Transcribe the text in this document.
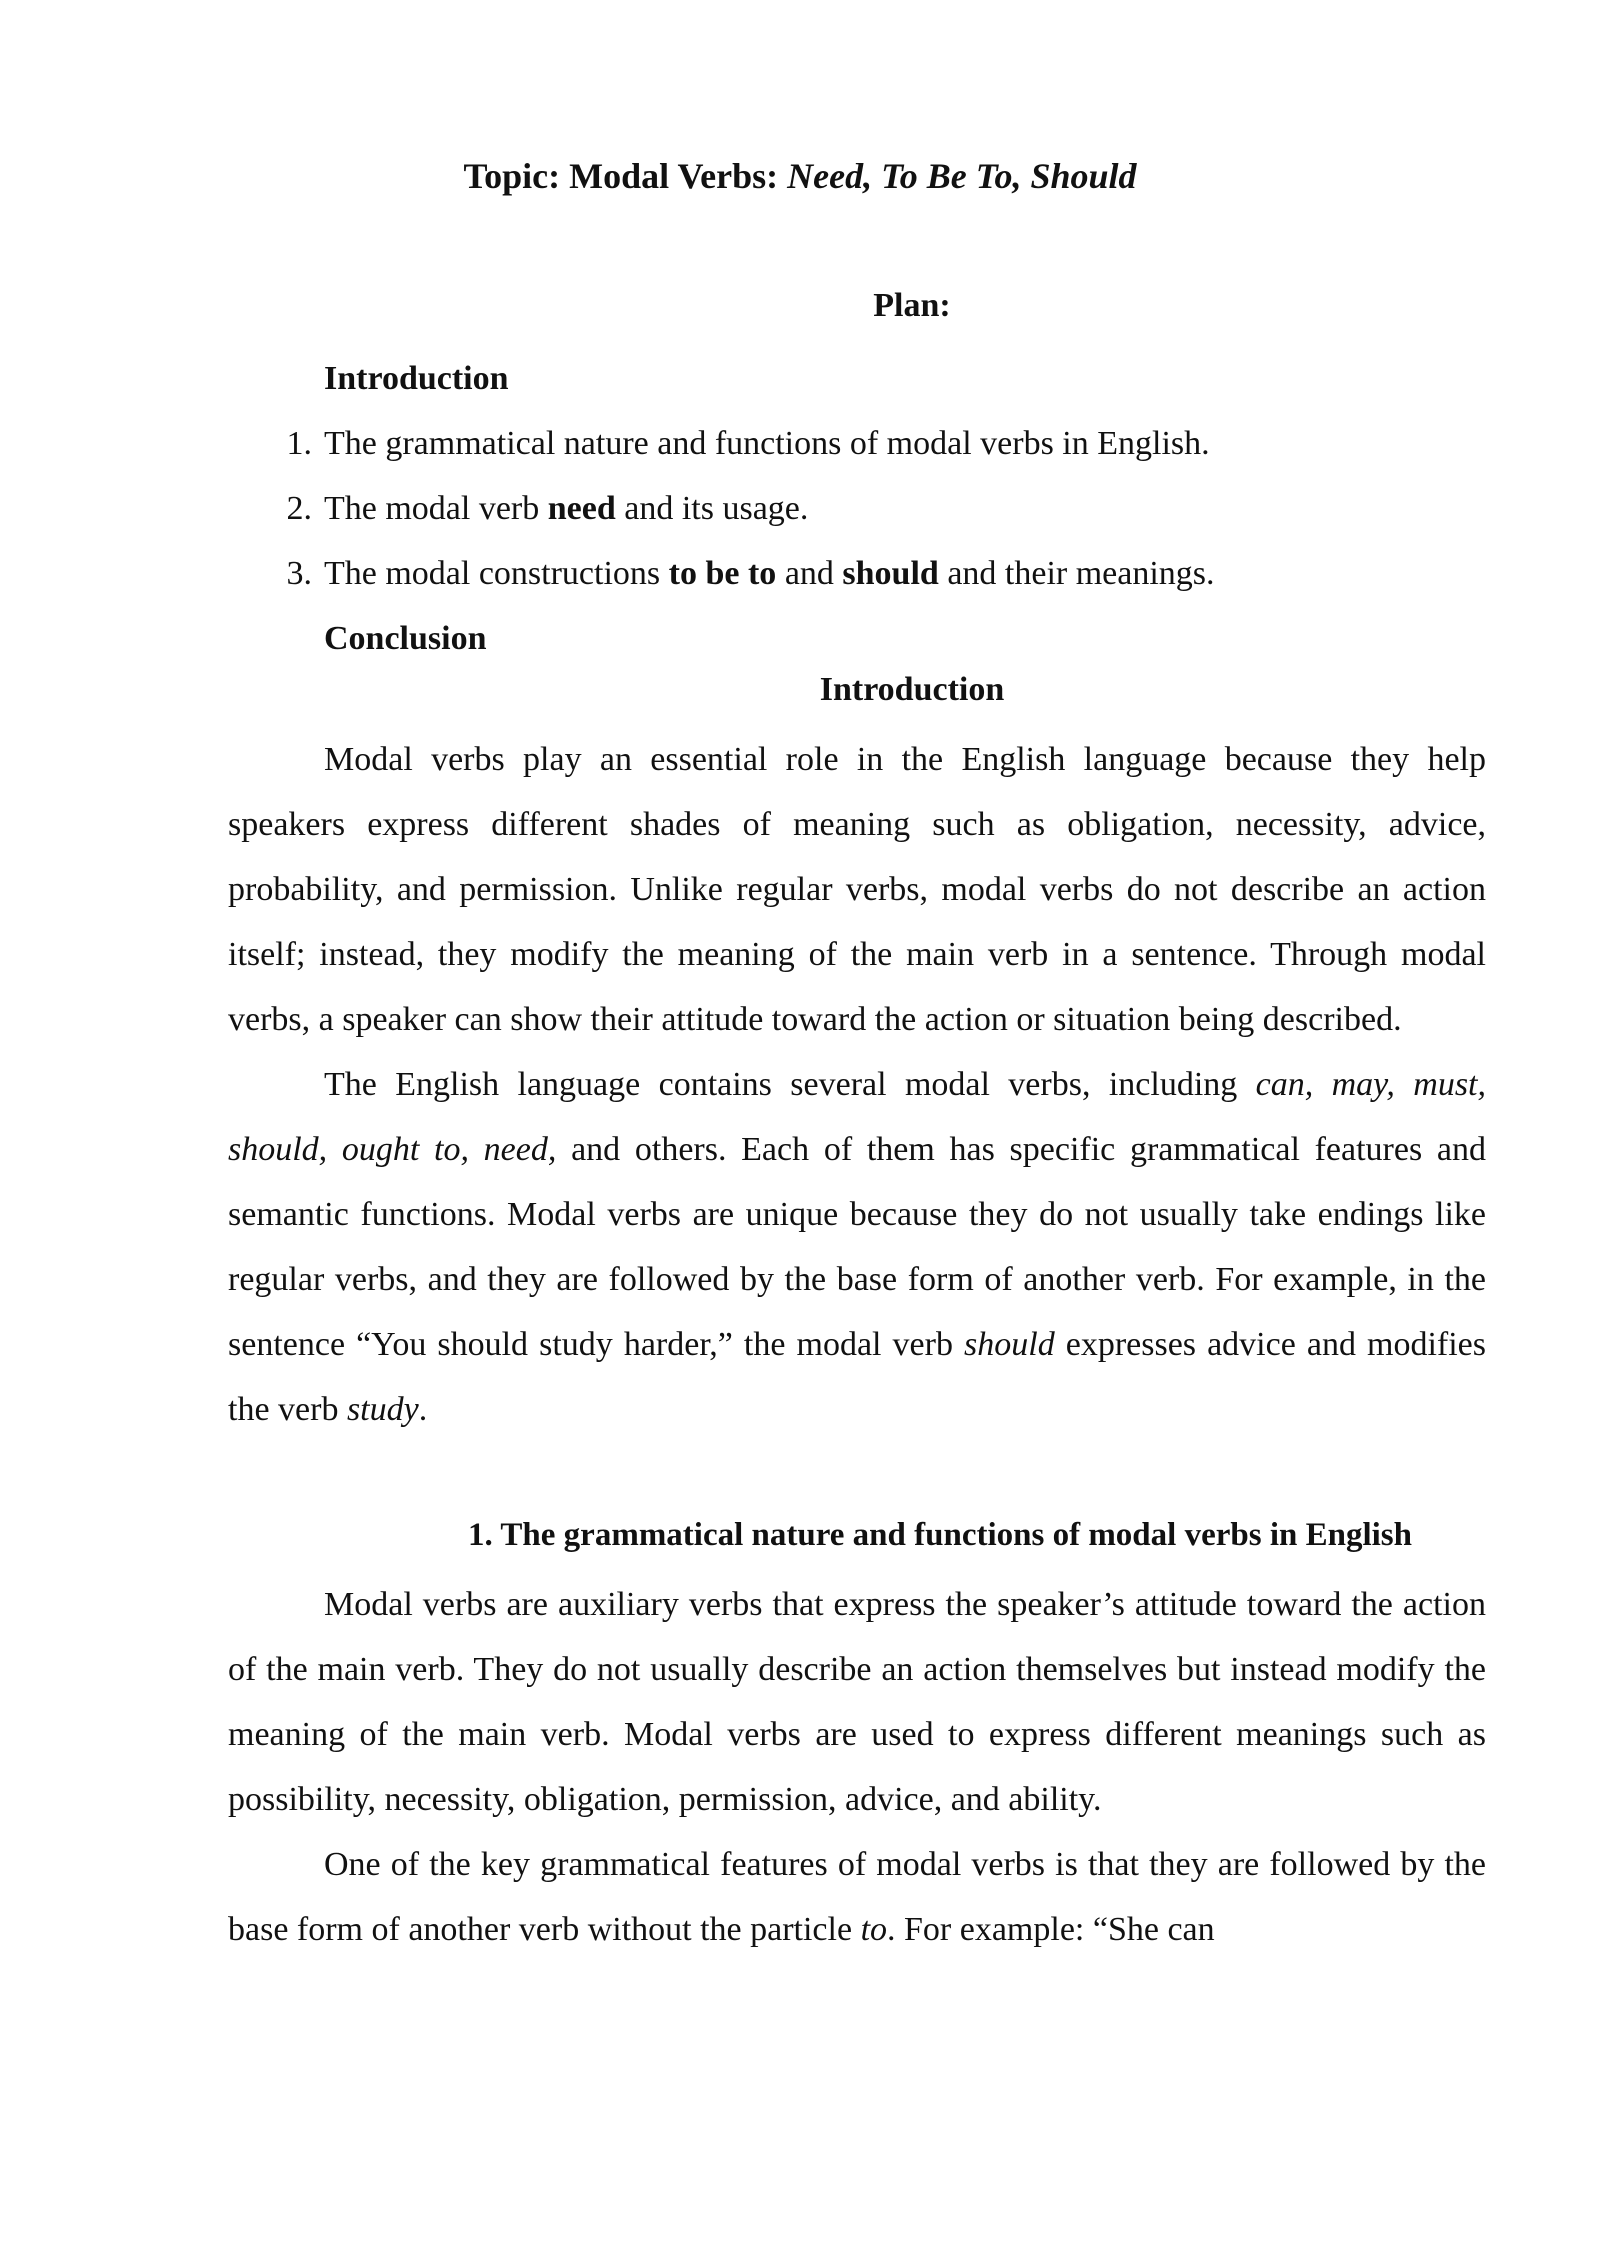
Topic: Modal Verbs: Need, To Be To, Should
Plan:
Introduction
1. The grammatical nature and functions of modal verbs in English.
2. The modal verb need and its usage.
3. The modal constructions to be to and should and their meanings.
Conclusion
Introduction

Modal verbs play an essential role in the English language because they help speakers express different shades of meaning such as obligation, necessity, advice, probability, and permission. Unlike regular verbs, modal verbs do not describe an action itself; instead, they modify the meaning of the main verb in a sentence. Through modal verbs, a speaker can show their attitude toward the action or situation being described.

The English language contains several modal verbs, including can, may, must, should, ought to, need, and others. Each of them has specific grammatical features and semantic functions. Modal verbs are unique because they do not usually take endings like regular verbs, and they are followed by the base form of another verb. For example, in the sentence “You should study harder,” the modal verb should expresses advice and modifies the verb study.

1. The grammatical nature and functions of modal verbs in English

Modal verbs are auxiliary verbs that express the speaker’s attitude toward the action of the main verb. They do not usually describe an action themselves but instead modify the meaning of the main verb. Modal verbs are used to express different meanings such as possibility, necessity, obligation, permission, advice, and ability.

One of the key grammatical features of modal verbs is that they are followed by the base form of another verb without the particle to. For example: “She can
